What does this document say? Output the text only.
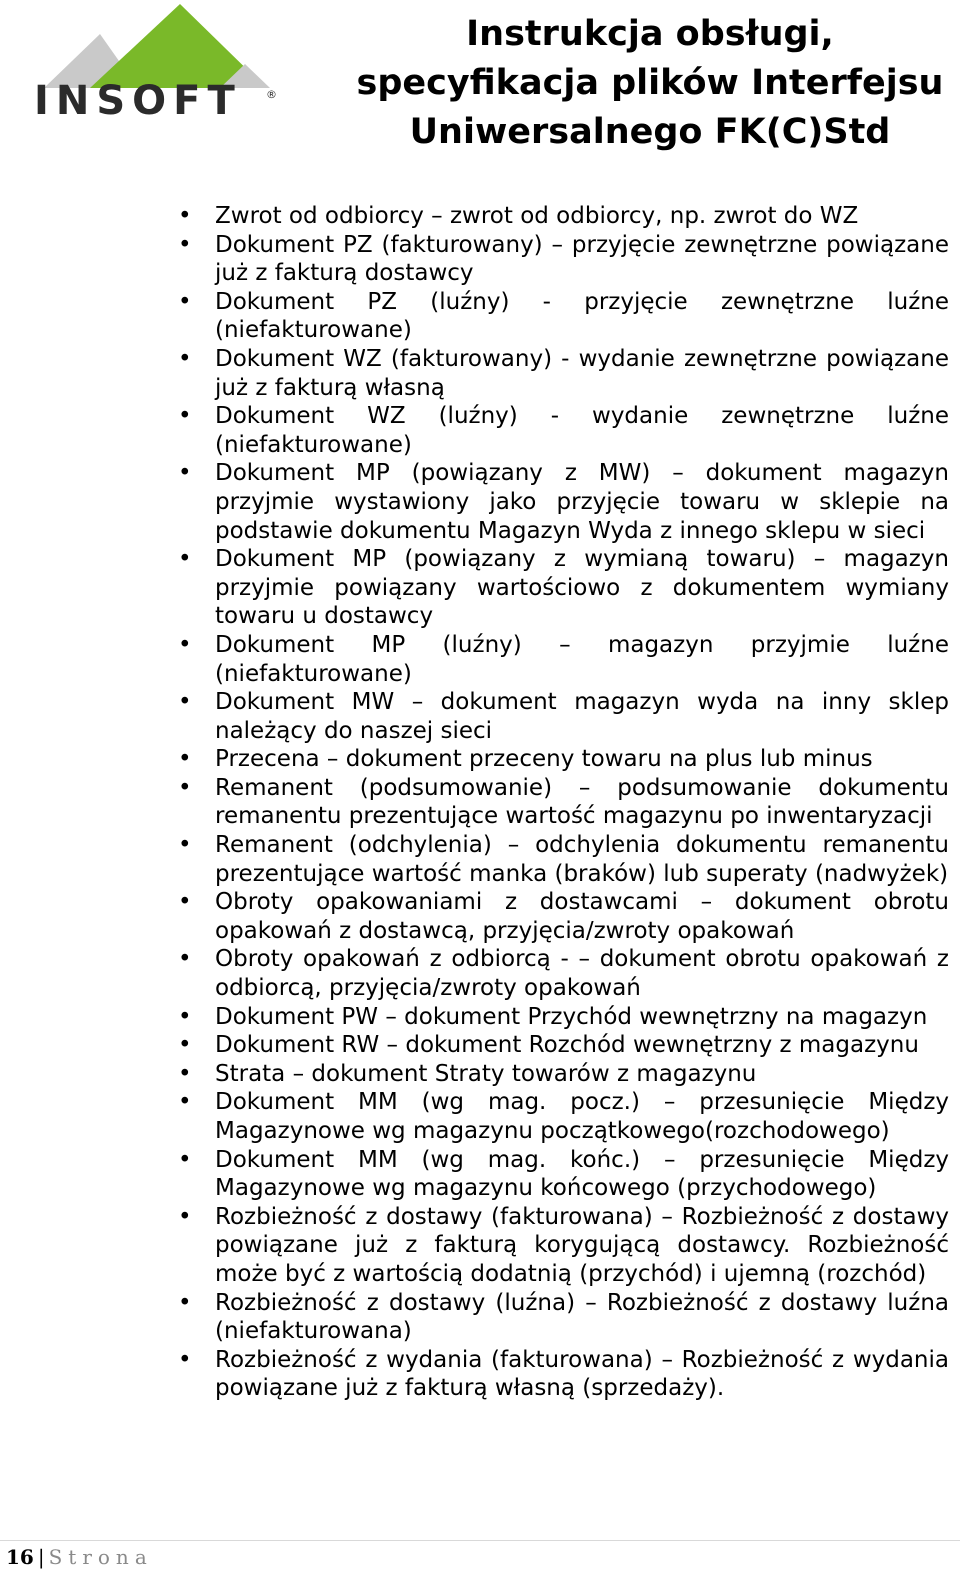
INSOFT ®
Instrukcja obsługi,
specyfikacja plików Interfejsu
Uniwersalnego FK(C)Std
• Zwrot od odbiorcy – zwrot od odbiorcy, np. zwrot do WZ
• Dokument PZ (fakturowany) – przyjęcie zewnętrzne powiązane już z fakturą dostawcy
• Dokument PZ (luźny) - przyjęcie zewnętrzne luźne (niefakturowane)
• Dokument WZ (fakturowany) - wydanie zewnętrzne powiązane już z fakturą własną
• Dokument WZ (luźny) - wydanie zewnętrzne luźne (niefakturowane)
• Dokument MP (powiązany z MW) – dokument magazyn przyjmie wystawiony jako przyjęcie towaru w sklepie na podstawie dokumentu Magazyn Wyda z innego sklepu w sieci
• Dokument MP (powiązany z wymianą towaru) – magazyn przyjmie powiązany wartościowo z dokumentem wymiany towaru u dostawcy
• Dokument MP (luźny) – magazyn przyjmie luźne (niefakturowane)
• Dokument MW – dokument magazyn wyda na inny sklep należący do naszej sieci
• Przecena – dokument przeceny towaru na plus lub minus
• Remanent (podsumowanie) – podsumowanie dokumentu remanentu prezentujące wartość magazynu po inwentaryzacji
• Remanent (odchylenia) – odchylenia dokumentu remanentu prezentujące wartość manka (braków) lub superaty (nadwyżek)
• Obroty opakowaniami z dostawcami – dokument obrotu opakowań z dostawcą, przyjęcia/zwroty opakowań
• Obroty opakowań z odbiorcą - – dokument obrotu opakowań z odbiorcą, przyjęcia/zwroty opakowań
• Dokument PW – dokument Przychód wewnętrzny na magazyn
• Dokument RW – dokument Rozchód wewnętrzny z magazynu
• Strata – dokument Straty towarów z magazynu
• Dokument MM (wg mag. pocz.) – przesunięcie Między Magazynowe wg magazynu początkowego(rozchodowego)
• Dokument MM (wg mag. końc.) – przesunięcie Między Magazynowe wg magazynu końcowego (przychodowego)
• Rozbieżność z dostawy (fakturowana) – Rozbieżność z dostawy powiązane już z fakturą korygującą dostawcy. Rozbieżność może być z wartością dodatnią (przychód) i ujemną (rozchód)
• Rozbieżność z dostawy (luźna) – Rozbieżność z dostawy luźna (niefakturowana)
• Rozbieżność z wydania (fakturowana) – Rozbieżność z wydania powiązane już z fakturą własną (sprzedaży).
16 | Strona
